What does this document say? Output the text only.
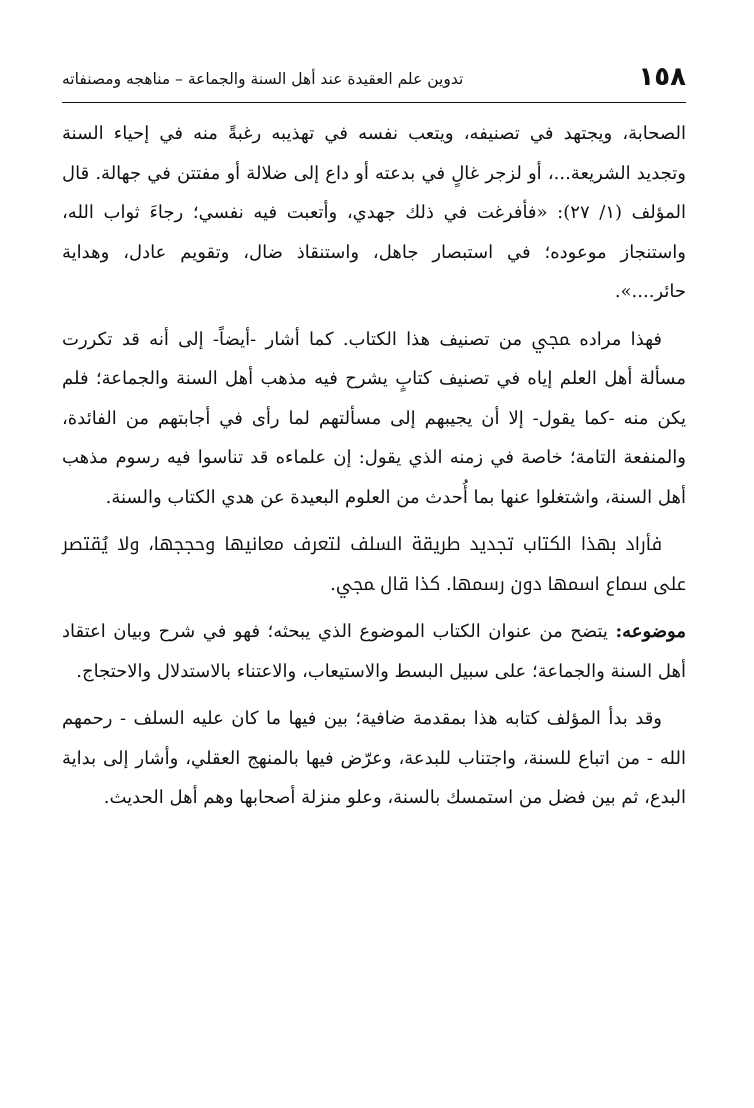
١٥٨
تدوين علم العقيدة عند أهل السنة والجماعة – مناهجه ومصنفاته

الصحابة، ويجتهد في تصنيفه، ويتعب نفسه في تهذيبه رغبةً منه في إحياء السنة وتجديد الشريعة...، أو لزجر غالٍ في بدعته أو داع إلى ضلالة أو مفتتن في جهالة. قال المؤلف (١/ ٢٧): «فأفرغت في ذلك جهدي، وأتعبت فيه نفسي؛ رجاءَ ثواب الله، واستنجاز موعوده؛ في استبصار جاهل، واستنقاذ ضال، وتقويم عادل، وهداية حائر....».

فهذا مراده ﷀ من تصنيف هذا الكتاب. كما أشار -أيضاً- إلى أنه قد تكررت مسألة أهل العلم إياه في تصنيف كتابٍ يشرح فيه مذهب أهل السنة والجماعة؛ فلم يكن منه -كما يقول- إلا أن يجيبهم إلى مسألتهم لما رأى في أجابتهم من الفائدة، والمنفعة التامة؛ خاصة في زمنه الذي يقول: إن علماءه قد تناسوا فيه رسوم مذهب أهل السنة، واشتغلوا عنها بما أُحدث من العلوم البعيدة عن هدي الكتاب والسنة.

فأراد بهذا الكتاب تجديد طريقة السلف لتعرف معانيها وحججها، ولا يُقتصر على سماع اسمها دون رسمها. كذا قال ﷀ.

موضوعه: يتضح من عنوان الكتاب الموضوع الذي يبحثه؛ فهو في شرح وبيان اعتقاد أهل السنة والجماعة؛ على سبيل البسط والاستيعاب، والاعتناء بالاستدلال والاحتجاج.

وقد بدأ المؤلف كتابه هذا بمقدمة ضافية؛ بين فيها ما كان عليه السلف - رحمهم الله - من اتباع للسنة، واجتناب للبدعة، وعرّض فيها بالمنهج العقلي، وأشار إلى بداية البدع، ثم بين فضل من استمسك بالسنة، وعلو منزلة أصحابها وهم أهل الحديث.
